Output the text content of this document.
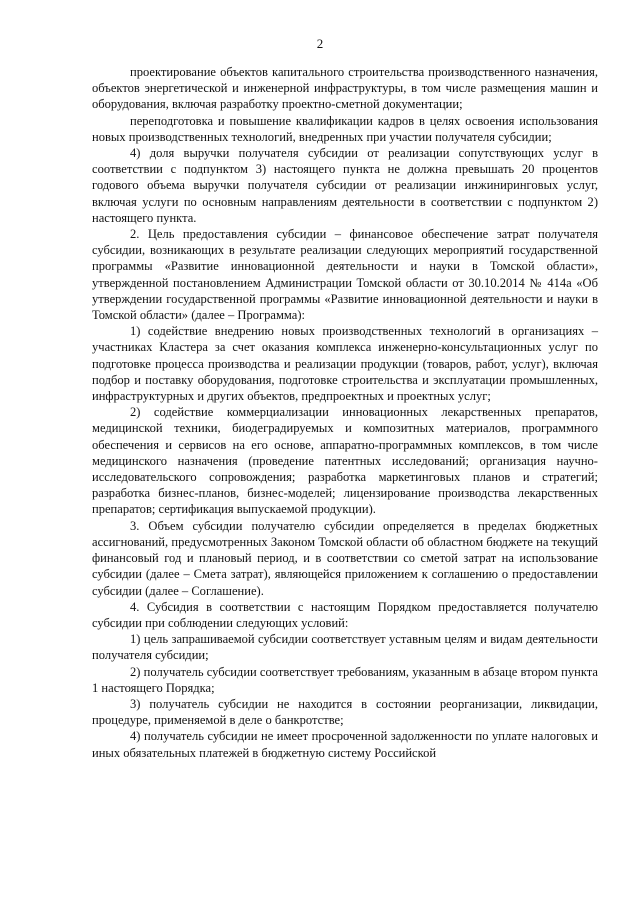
2

проектирование объектов капитального строительства производственного назначения, объектов энергетической и инженерной инфраструктуры, в том числе размещения машин и оборудования, включая разработку проектно-сметной документации;

переподготовка и повышение квалификации кадров в целях освоения использования новых производственных технологий, внедренных при участии получателя субсидии;

4) доля выручки получателя субсидии от реализации сопутствующих услуг в соответствии с подпунктом 3) настоящего пункта не должна превышать 20 процентов годового объема выручки получателя субсидии от реализации инжиниринговых услуг, включая услуги по основным направлениям деятельности в соответствии с подпунктом 2) настоящего пункта.

2. Цель предоставления субсидии – финансовое обеспечение затрат получателя субсидии, возникающих в результате реализации следующих мероприятий государственной программы «Развитие инновационной деятельности и науки в Томской области», утвержденной постановлением Администрации Томской области от 30.10.2014 № 414а «Об утверждении государственной программы «Развитие инновационной деятельности и науки в Томской области» (далее – Программа):

1) содействие внедрению новых производственных технологий в организациях – участниках Кластера за счет оказания комплекса инженерно-консультационных услуг по подготовке процесса производства и реализации продукции (товаров, работ, услуг), включая подбор и поставку оборудования, подготовке строительства и эксплуатации промышленных, инфраструктурных и других объектов, предпроектных и проектных услуг;

2) содействие коммерциализации инновационных лекарственных препаратов, медицинской техники, биодеградируемых и композитных материалов, программного обеспечения и сервисов на его основе, аппаратно-программных комплексов, в том числе медицинского назначения (проведение патентных исследований; организация научно-исследовательского сопровождения; разработка маркетинговых планов и стратегий; разработка бизнес-планов, бизнес-моделей; лицензирование производства лекарственных препаратов; сертификация выпускаемой продукции).

3. Объем субсидии получателю субсидии определяется в пределах бюджетных ассигнований, предусмотренных Законом Томской области об областном бюджете на текущий финансовый год и плановый период, и в соответствии со сметой затрат на использование субсидии (далее – Смета затрат), являющейся приложением к соглашению о предоставлении субсидии (далее – Соглашение).

4. Субсидия в соответствии с настоящим Порядком предоставляется получателю субсидии при соблюдении следующих условий:

1) цель запрашиваемой субсидии соответствует уставным целям и видам деятельности получателя субсидии;

2) получатель субсидии соответствует требованиям, указанным в абзаце втором пункта 1 настоящего Порядка;

3) получатель субсидии не находится в состоянии реорганизации, ликвидации, процедуре, применяемой в деле о банкротстве;

4) получатель субсидии не имеет просроченной задолженности по уплате налоговых и иных обязательных платежей в бюджетную систему Российской
